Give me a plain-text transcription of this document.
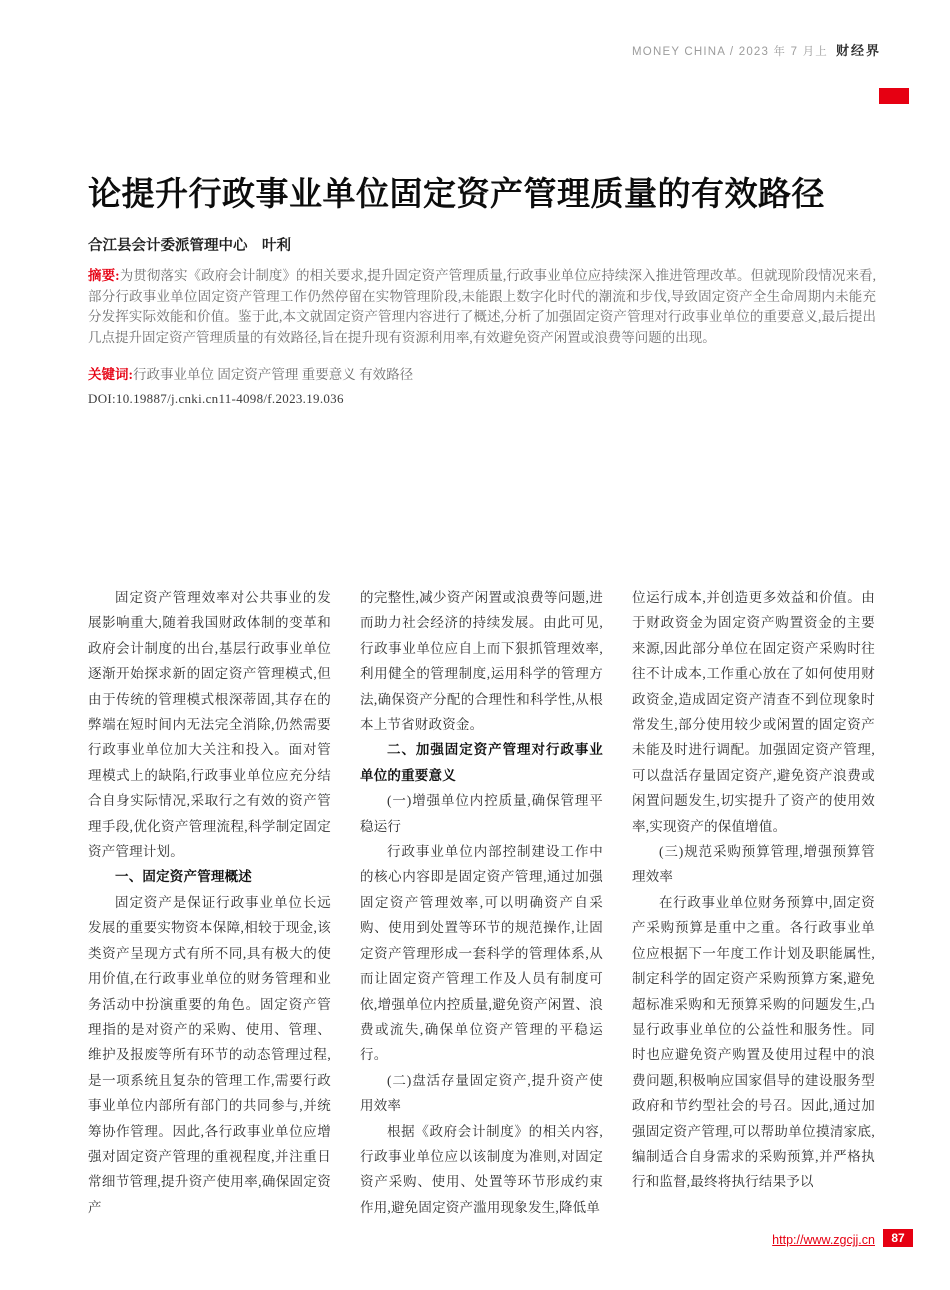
MONEY CHINA / 2023 年 7 月上 财经界
论提升行政事业单位固定资产管理质量的有效路径
合江县会计委派管理中心　叶利

摘要:为贯彻落实《政府会计制度》的相关要求,提升固定资产管理质量,行政事业单位应持续深入推进管理改革。但就现阶段情况来看,部分行政事业单位固定资产管理工作仍然停留在实物管理阶段,未能跟上数字化时代的潮流和步伐,导致固定资产全生命周期内未能充分发挥实际效能和价值。鉴于此,本文就固定资产管理内容进行了概述,分析了加强固定资产管理对行政事业单位的重要意义,最后提出几点提升固定资产管理质量的有效路径,旨在提升现有资源利用率,有效避免资产闲置或浪费等问题的出现。

关键词:行政事业单位 固定资产管理 重要意义 有效路径

DOI:10.19887/j.cnki.cn11-4098/f.2023.19.036

固定资产管理效率对公共事业的发展影响重大,随着我国财政体制的变革和政府会计制度的出台,基层行政事业单位逐渐开始探求新的固定资产管理模式,但由于传统的管理模式根深蒂固,其存在的弊端在短时间内无法完全消除,仍然需要行政事业单位加大关注和投入。面对管理模式上的缺陷,行政事业单位应充分结合自身实际情况,采取行之有效的资产管理手段,优化资产管理流程,科学制定固定资产管理计划。

一、固定资产管理概述

固定资产是保证行政事业单位长远发展的重要实物资本保障,相较于现金,该类资产呈现方式有所不同,具有极大的使用价值,在行政事业单位的财务管理和业务活动中扮演重要的角色。固定资产管理指的是对资产的采购、使用、管理、维护及报废等所有环节的动态管理过程,是一项系统且复杂的管理工作,需要行政事业单位内部所有部门的共同参与,并统筹协作管理。因此,各行政事业单位应增强对固定资产管理的重视程度,并注重日常细节管理,提升资产使用率,确保固定资产

的完整性,减少资产闲置或浪费等问题,进而助力社会经济的持续发展。由此可见,行政事业单位应自上而下狠抓管理效率,利用健全的管理制度,运用科学的管理方法,确保资产分配的合理性和科学性,从根本上节省财政资金。

二、加强固定资产管理对行政事业单位的重要意义

(一)增强单位内控质量,确保管理平稳运行

行政事业单位内部控制建设工作中的核心内容即是固定资产管理,通过加强固定资产管理效率,可以明确资产自采购、使用到处置等环节的规范操作,让固定资产管理形成一套科学的管理体系,从而让固定资产管理工作及人员有制度可依,增强单位内控质量,避免资产闲置、浪费或流失,确保单位资产管理的平稳运行。

(二)盘活存量固定资产,提升资产使用效率

根据《政府会计制度》的相关内容,行政事业单位应以该制度为准则,对固定资产采购、使用、处置等环节形成约束作用,避免固定资产滥用现象发生,降低单

位运行成本,并创造更多效益和价值。由于财政资金为固定资产购置资金的主要来源,因此部分单位在固定资产采购时往往不计成本,工作重心放在了如何使用财政资金,造成固定资产清查不到位现象时常发生,部分使用较少或闲置的固定资产未能及时进行调配。加强固定资产管理,可以盘活存量固定资产,避免资产浪费或闲置问题发生,切实提升了资产的使用效率,实现资产的保值增值。

(三)规范采购预算管理,增强预算管理效率

在行政事业单位财务预算中,固定资产采购预算是重中之重。各行政事业单位应根据下一年度工作计划及职能属性,制定科学的固定资产采购预算方案,避免超标准采购和无预算采购的问题发生,凸显行政事业单位的公益性和服务性。同时也应避免资产购置及使用过程中的浪费问题,积极响应国家倡导的建设服务型政府和节约型社会的号召。因此,通过加强固定资产管理,可以帮助单位摸清家底,编制适合自身需求的采购预算,并严格执行和监督,最终将执行结果予以

http://www.zgcjj.cn	87
